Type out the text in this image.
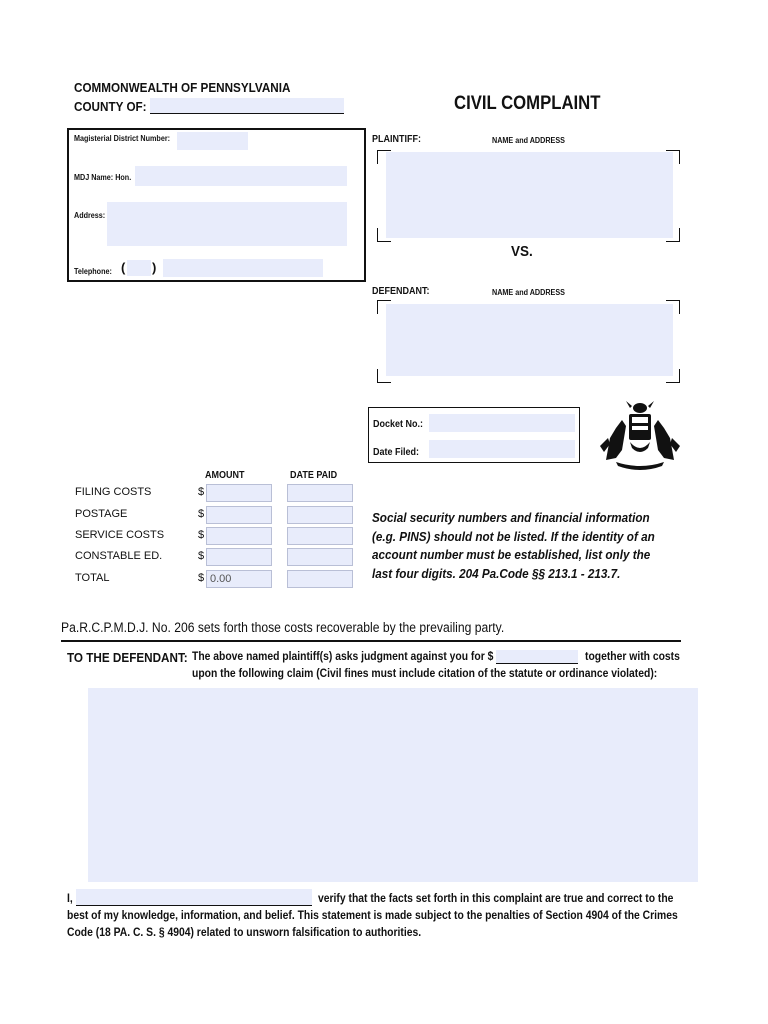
COMMONWEALTH OF PENNSYLVANIA
COUNTY OF:	CIVIL COMPLAINT
Magisterial District Number:
MDJ Name: Hon.
Address:
Telephone: ( )
PLAINTIFF:	NAME and ADDRESS
VS.
DEFENDANT:	NAME and ADDRESS
Docket No.:
Date Filed:
AMOUNT	DATE PAID
FILING COSTS	$
POSTAGE	$
SERVICE COSTS	$
CONSTABLE ED.	$
TOTAL	$ 0.00
Social security numbers and financial information
(e.g. PINS) should not be listed. If the identity of an
account number must be established, list only the
last four digits. 204 Pa.Code §§ 213.1 - 213.7.
Pa.R.C.P.M.D.J. No. 206 sets forth those costs recoverable by the prevailing party.
TO THE DEFENDANT: The above named plaintiff(s) asks judgment against you for $	together with costs
upon the following claim (Civil fines must include citation of the statute or ordinance violated):
I,	verify that the facts set forth in this complaint are true and correct to the
best of my knowledge, information, and belief. This statement is made subject to the penalties of Section 4904 of the Crimes
Code (18 PA. C. S. § 4904) related to unsworn falsification to authorities.
